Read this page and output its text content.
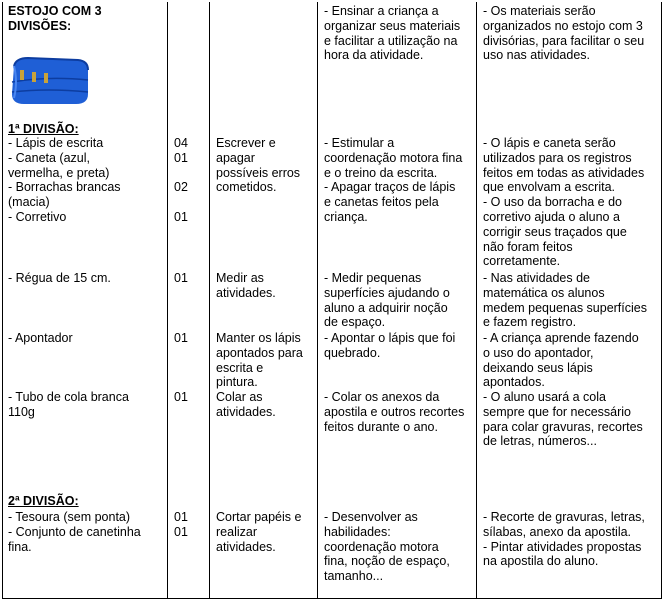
ESTOJO COM 3
DIVISÕES:
- Ensinar a criança a
organizar seus materiais
e facilitar a utilização na
hora da atividade.
- Os materiais serão
organizados no estojo com 3
divisórias, para facilitar o seu
uso nas atividades.
1ª DIVISÃO:
- Lápis de escrita
- Caneta (azul,
vermelha, e preta)
- Borrachas brancas
(macia)
- Corretivo
04
01

02

01
Escrever e
apagar
possíveis erros
cometidos.
- Estimular a
coordenação motora fina
e o treino da escrita.
- Apagar traços de lápis
e canetas feitos pela
criança.
- O lápis e caneta serão
utilizados para os registros
feitos em todas as atividades
que envolvam a escrita.
- O uso da borracha e do
corretivo ajuda o aluno a
corrigir seus traçados que
não foram feitos
corretamente.
- Régua de 15 cm.	01 Medir as
atividades.
- Medir pequenas
superfícies ajudando o
aluno a adquirir noção
de espaço.
- Nas atividades de
matemática os alunos
medem pequenas superfícies
e fazem registro.
- Apontador	01 Manter os lápis
apontados para
escrita e
pintura.
- Apontar o lápis que foi
quebrado.
- A criança aprende fazendo
o uso do apontador,
deixando seus lápis
apontados.
- Tubo de cola branca
110g
01 Colar as
atividades.
- Colar os anexos da
apostila e outros recortes
feitos durante o ano.
- O aluno usará a cola
sempre que for necessário
para colar gravuras, recortes
de letras, números...
2ª DIVISÃO:
- Tesoura (sem ponta)
- Conjunto de canetinha
fina.
01
01
Cortar papéis e
realizar
atividades.
- Desenvolver as
habilidades:
coordenação motora
fina, noção de espaço,
tamanho...
- Recorte de gravuras, letras,
sílabas, anexo da apostila.
- Pintar atividades propostas
na apostila do aluno.
